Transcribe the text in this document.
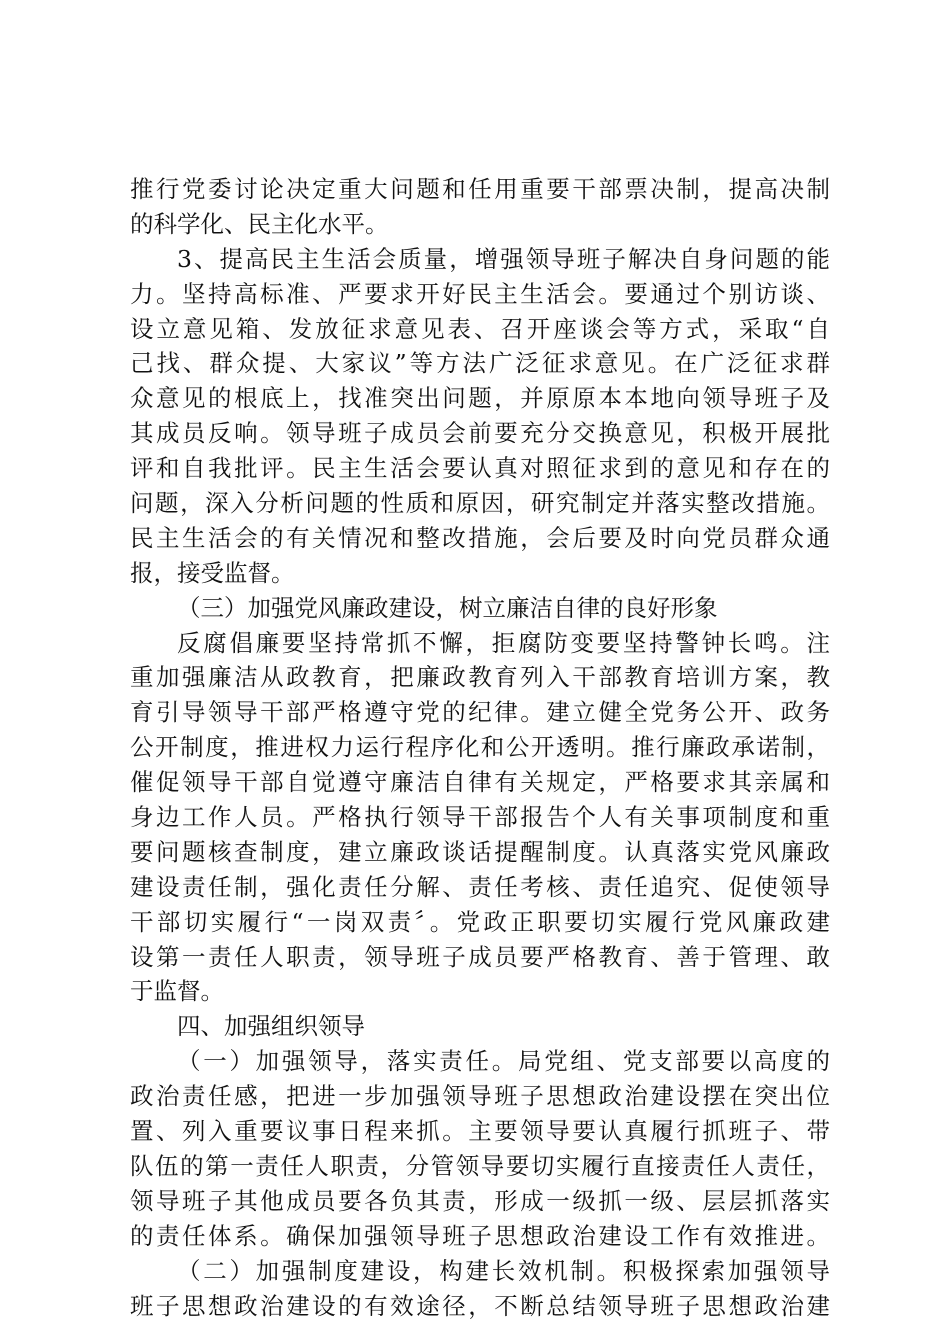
推行党委讨论决定重大问题和任用重要干部票决制，提高决制
的科学化、民主化水平。
3、提高民主生活会质量，增强领导班子解决自身问题的能
力。坚持高标准、严要求开好民主生活会。要通过个别访谈、
设立意见箱、发放征求意见表、召开座谈会等方式，采取“自
己找、群众提、大家议”等方法广泛征求意见。在广泛征求群
众意见的根底上，找准突出问题，并原原本本地向领导班子及
其成员反响。领导班子成员会前要充分交换意见，积极开展批
评和自我批评。民主生活会要认真对照征求到的意见和存在的
问题，深入分析问题的性质和原因，研究制定并落实整改措施。
民主生活会的有关情况和整改措施，会后要及时向党员群众通
报，接受监督。
（三）加强党风廉政建设，树立廉洁自律的良好形象
反腐倡廉要坚持常抓不懈，拒腐防变要坚持警钟长鸣。注
重加强廉洁从政教育，把廉政教育列入干部教育培训方案，教
育引导领导干部严格遵守党的纪律。建立健全党务公开、政务
公开制度，推进权力运行程序化和公开透明。推行廉政承诺制，
催促领导干部自觉遵守廉洁自律有关规定，严格要求其亲属和
身边工作人员。严格执行领导干部报告个人有关事项制度和重
要问题核查制度，建立廉政谈话提醒制度。认真落实党风廉政
建设责任制，强化责任分解、责任考核、责任追究、促使领导
干部切实履行“一岗双责〞。党政正职要切实履行党风廉政建
设第一责任人职责，领导班子成员要严格教育、善于管理、敢
于监督。
四、加强组织领导
（一）加强领导，落实责任。局党组、党支部要以高度的
政治责任感，把进一步加强领导班子思想政治建设摆在突出位
置、列入重要议事日程来抓。主要领导要认真履行抓班子、带
队伍的第一责任人职责，分管领导要切实履行直接责任人责任，
领导班子其他成员要各负其责，形成一级抓一级、层层抓落实
的责任体系。确保加强领导班子思想政治建设工作有效推进。
（二）加强制度建设，构建长效机制。积极探索加强领导
班子思想政治建设的有效途径，不断总结领导班子思想政治建
